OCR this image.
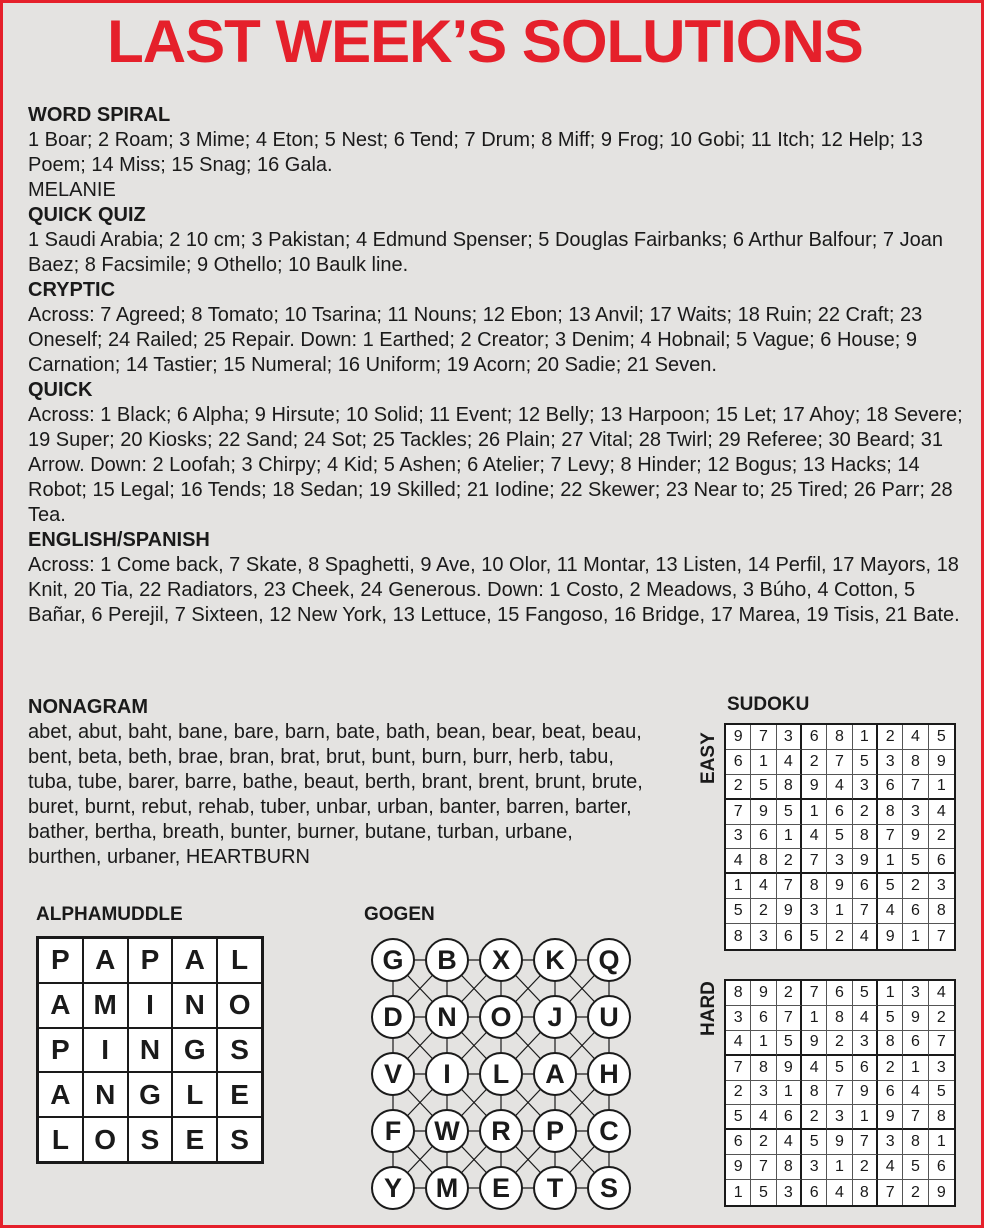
LAST WEEK’S SOLUTIONS
WORD SPIRAL
1 Boar; 2 Roam; 3 Mime; 4 Eton; 5 Nest; 6 Tend; 7 Drum; 8 Miff; 9 Frog; 10 Gobi; 11 Itch; 12 Help; 13 Poem; 14 Miss; 15 Snag; 16 Gala.
MELANIE
QUICK QUIZ
1 Saudi Arabia; 2 10 cm; 3 Pakistan; 4 Edmund Spenser; 5 Douglas Fairbanks; 6 Arthur Balfour; 7 Joan Baez; 8 Facsimile; 9 Othello; 10 Baulk line.
CRYPTIC
Across: 7 Agreed; 8 Tomato; 10 Tsarina; 11 Nouns; 12 Ebon; 13 Anvil; 17 Waits; 18 Ruin; 22 Craft; 23 Oneself; 24 Railed; 25 Repair. Down: 1 Earthed; 2 Creator; 3 Denim; 4 Hobnail; 5 Vague; 6 House; 9 Carnation; 14 Tastier; 15 Numeral; 16 Uniform; 19 Acorn; 20 Sadie; 21 Seven.
QUICK
Across: 1 Black; 6 Alpha; 9 Hirsute; 10 Solid; 11 Event; 12 Belly; 13 Harpoon; 15 Let; 17 Ahoy; 18 Severe; 19 Super; 20 Kiosks; 22 Sand; 24 Sot; 25 Tackles; 26 Plain; 27 Vital; 28 Twirl; 29 Referee; 30 Beard; 31 Arrow. Down: 2 Loofah; 3 Chirpy; 4 Kid; 5 Ashen; 6 Atelier; 7 Levy; 8 Hinder; 12 Bogus; 13 Hacks; 14 Robot; 15 Legal; 16 Tends; 18 Sedan; 19 Skilled; 21 Iodine; 22 Skewer; 23 Near to; 25 Tired; 26 Parr; 28 Tea.
ENGLISH/SPANISH
Across: 1 Come back, 7 Skate, 8 Spaghetti, 9 Ave, 10 Olor, 11 Montar, 13 Listen, 14 Perfil, 17 Mayors, 18 Knit, 20 Tia, 22 Radiators, 23 Cheek, 24 Generous. Down: 1 Costo, 2 Meadows, 3 Búho, 4 Cotton, 5 Bañar, 6 Perejil, 7 Sixteen, 12 New York, 13 Lettuce, 15 Fangoso, 16 Bridge, 17 Marea, 19 Tisis, 21 Bate.
NONAGRAM
abet, abut, baht, bane, bare, barn, bate, bath, bean, bear, beat, beau, bent, beta, beth, brae, bran, brat, brut, bunt, burn, burr, herb, tabu, tuba, tube, barer, barre, bathe, beaut, berth, brant, brent, brunt, brute, buret, burnt, rebut, rehab, tuber, unbar, urban, banter, barren, barter, bather, bertha, breath, bunter, burner, butane, turban, urbane, burthen, urbaner, HEARTBURN
ALPHAMUDDLE
P A P A L
A M	I	N O
P	I	N G S
A N G L E
L O S E S
GOGEN
G B X K Q
D N O J U
V I L A H
F W R P C
Y M E T S
SUDOKU
EASY 9	7 3	6	8 1	2	4	5
6	1 4	2	7 5	3	8	9
2	5 8	9	4 3	6	7	1
7	9 5	1	6 2	8	3	4
3	6 1	4	5 8	7	9	2
4	8 2	7	3 9	1	5	6
1	4 7	8	9 6	5	2	3
5	2 9	3	1 7	4	6	8
8	3 6	5	2 4	9	1	7
HARD 8	9 2	7	6 5	1	3	4
3	6 7	1	8 4	5	9	2
4	1 5	9	2 3	8	6	7
7	8 9	4	5 6	2	1	3
2	3 1	8	7 9	6	4	5
5	4 6	2	3 1	9	7	8
6	2 4	5	9 7	3	8	1
9	7 8	3	1 2	4	5	6
1	5 3	6	4 8	7	2	9
